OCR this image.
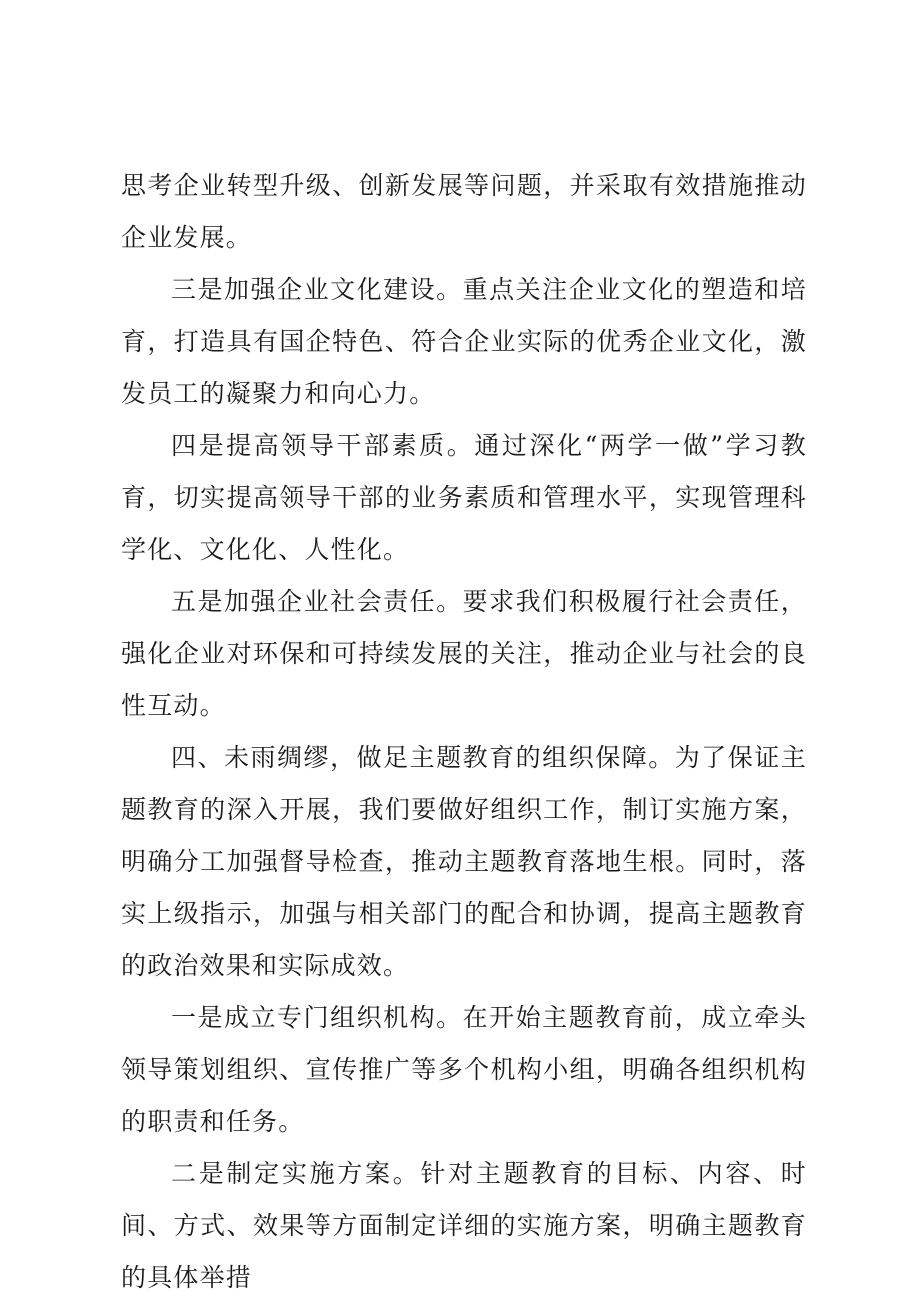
思考企业转型升级、创新发展等问题，并采取有效措施推动企业发展。

三是加强企业文化建设。重点关注企业文化的塑造和培育，打造具有国企特色、符合企业实际的优秀企业文化，激发员工的凝聚力和向心力。

四是提高领导干部素质。通过深化“两学一做”学习教育，切实提高领导干部的业务素质和管理水平，实现管理科学化、文化化、人性化。

五是加强企业社会责任。要求我们积极履行社会责任，强化企业对环保和可持续发展的关注，推动企业与社会的良性互动。

四、未雨绸缪，做足主题教育的组织保障。为了保证主题教育的深入开展，我们要做好组织工作，制订实施方案，明确分工加强督导检查，推动主题教育落地生根。同时，落实上级指示，加强与相关部门的配合和协调，提高主题教育的政治效果和实际成效。

一是成立专门组织机构。在开始主题教育前，成立牵头领导策划组织、宣传推广等多个机构小组，明确各组织机构的职责和任务。

二是制定实施方案。针对主题教育的目标、内容、时间、方式、效果等方面制定详细的实施方案，明确主题教育的具体举措
